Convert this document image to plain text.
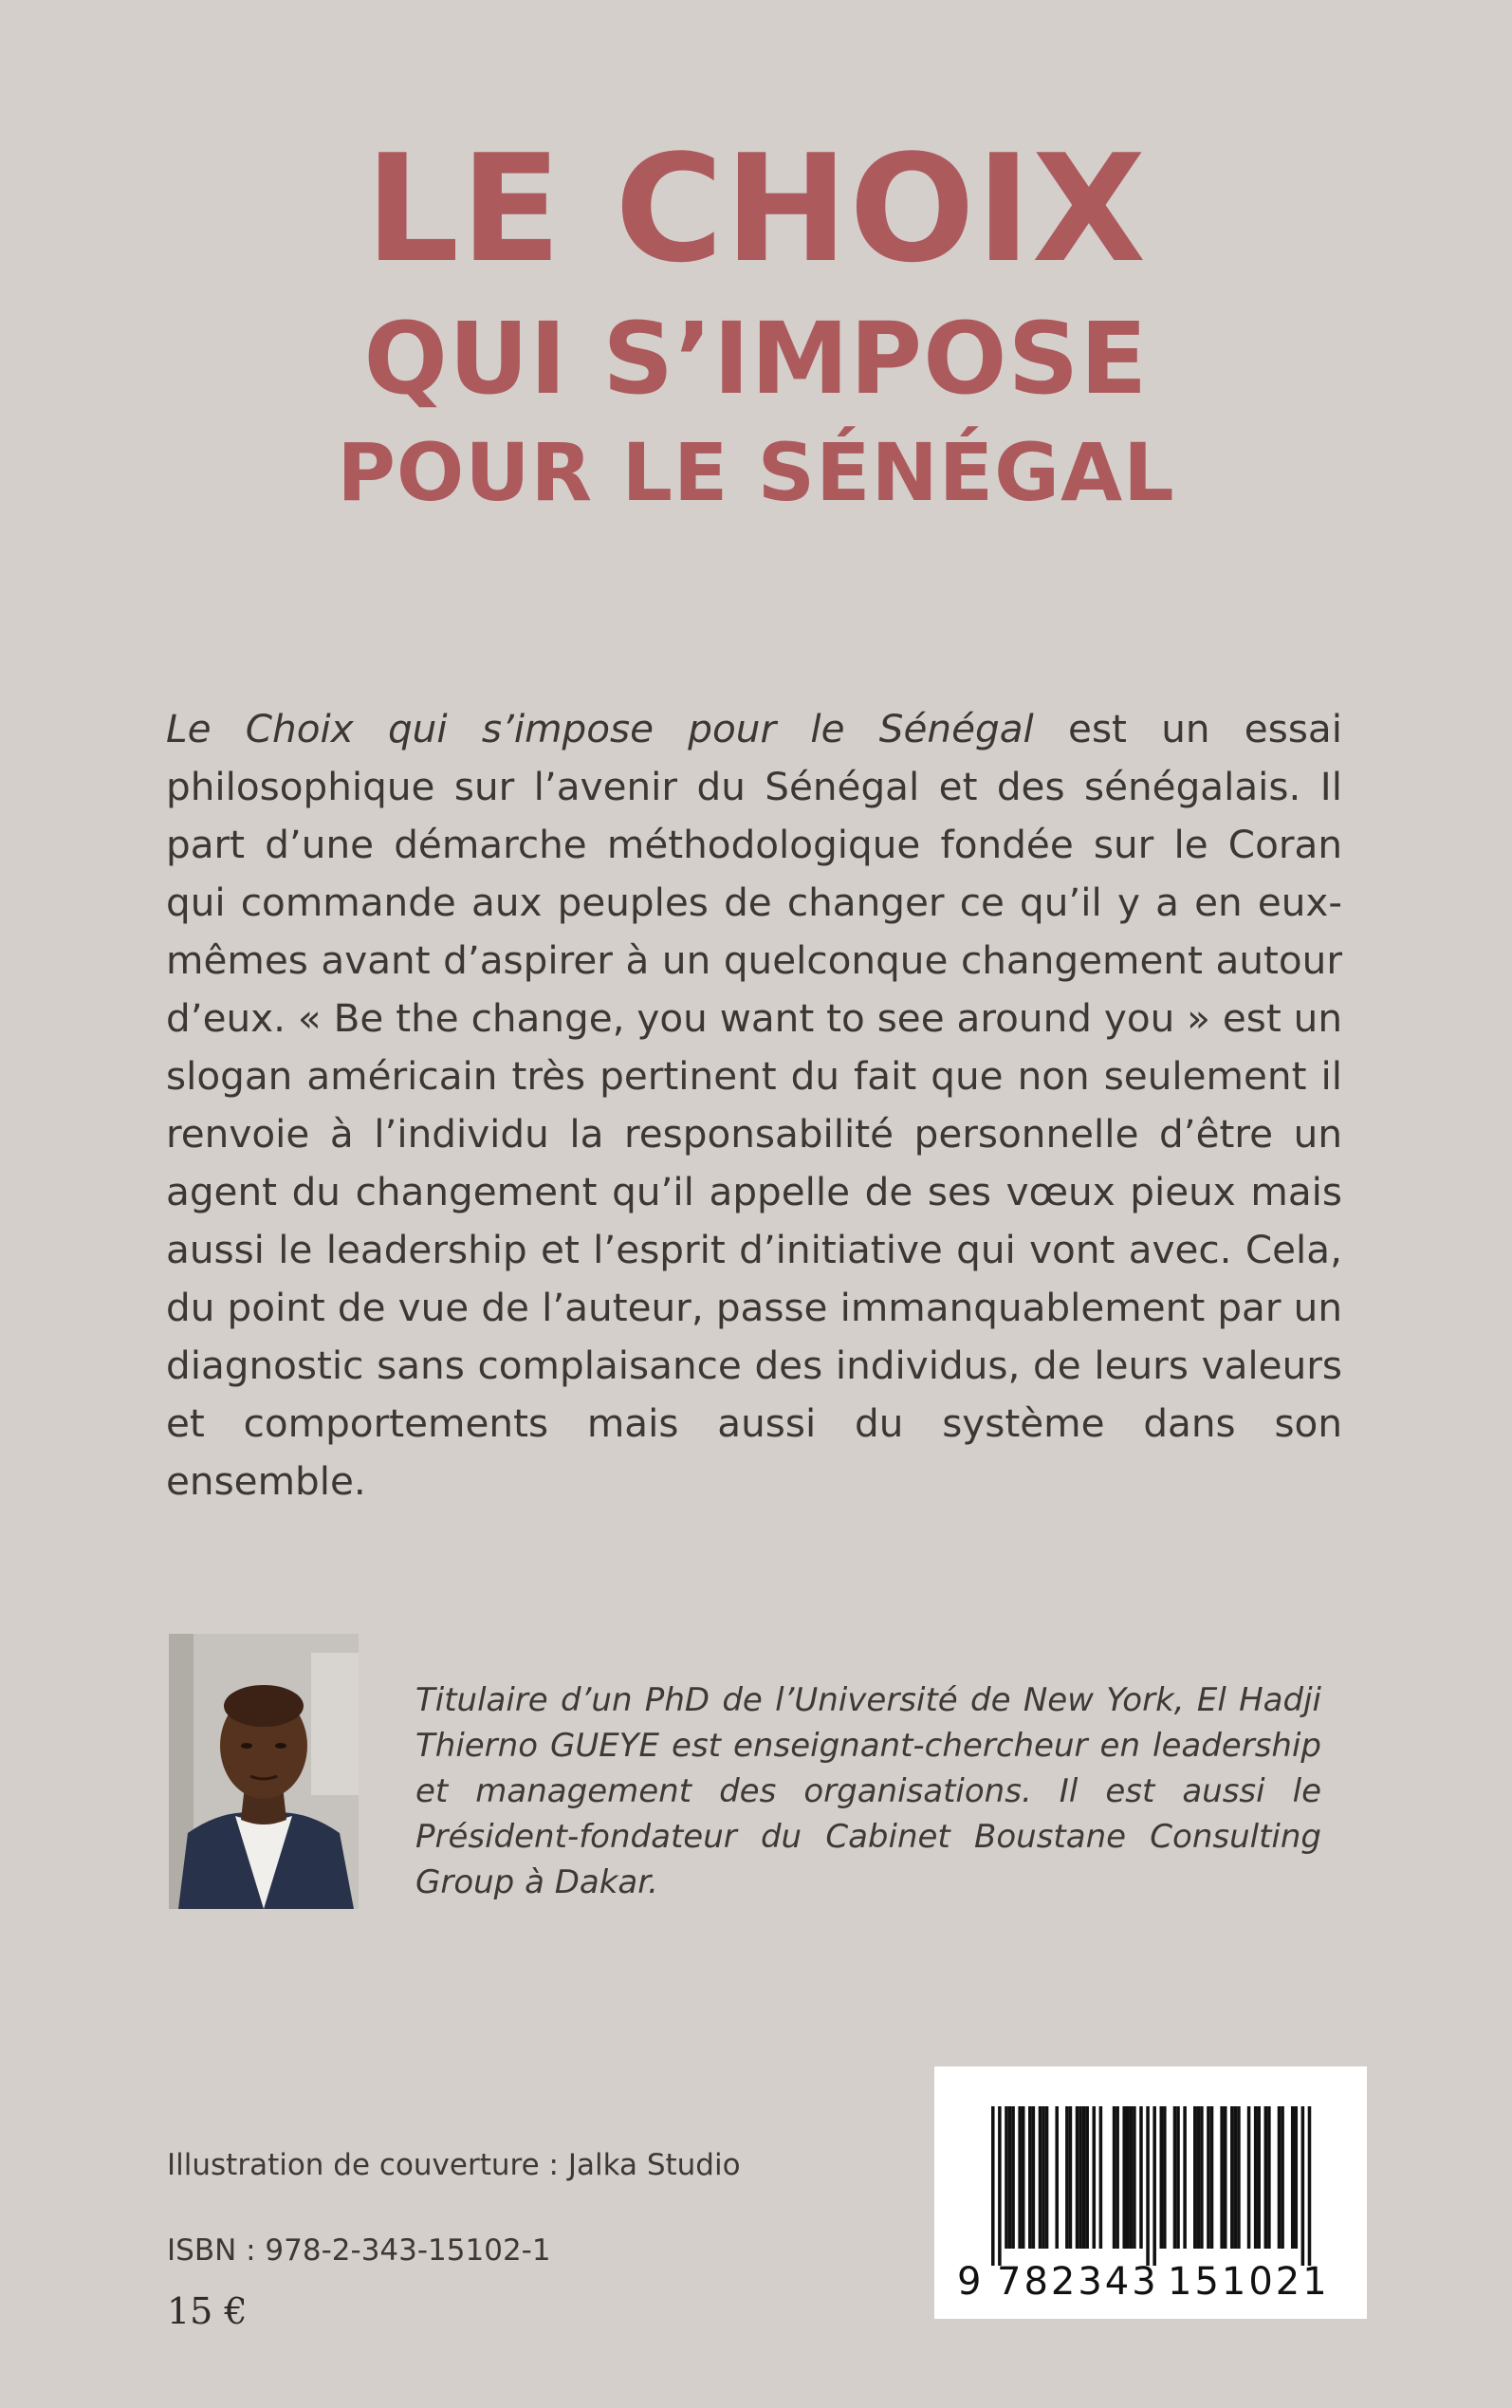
LE CHOIX
QUI S’IMPOSE
POUR LE SÉNÉGAL
Le Choix qui s’impose pour le Sénégal est un essai philosophique sur l’avenir du Sénégal et des sénégalais. Il part d’une démarche méthodologique fondée sur le Coran qui commande aux peuples de changer ce qu’il y a en eux-mêmes avant d’aspirer à un quelconque changement autour d’eux. « Be the change, you want to see around you » est un slogan américain très pertinent du fait que non seulement il renvoie à l’individu la responsabilité personnelle d’être un agent du changement qu’il appelle de ses vœux pieux mais aussi le leadership et l’esprit d’initiative qui vont avec. Cela, du point de vue de l’auteur, passe immanquablement par un diagnostic sans complaisance des individus, de leurs valeurs et comportements mais aussi du système dans son ensemble.
Titulaire d’un PhD de l’Université de New York, El Hadji Thierno GUEYE est enseignant-chercheur en leadership et management des organisations. Il est aussi le Président-fondateur du Cabinet Boustane Consulting Group à Dakar.
Illustration de couverture : Jalka Studio
ISBN : 978-2-343-15102-1
15 €
9 782343 151021
